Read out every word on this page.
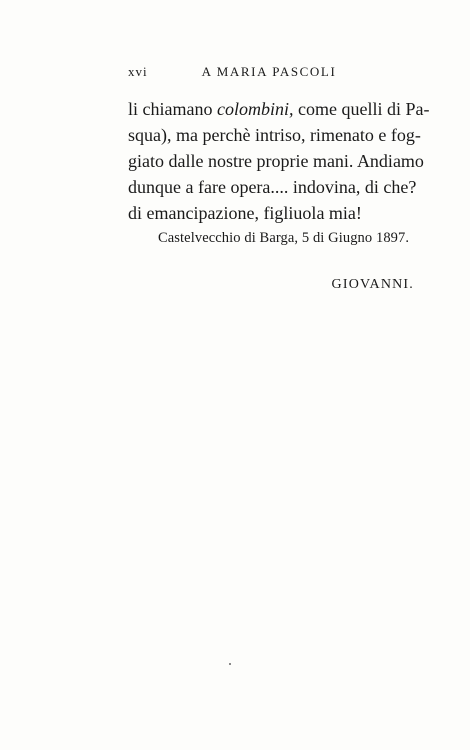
xvi	A MARIA PASCOLI
li chiamano colombini, come quelli di Pa-
squa), ma perchè intriso, rimenato e fog-
giato dalle nostre proprie mani. Andiamo
dunque a fare opera.... indovina, di che?
di emancipazione, figliuola mia!
Castelvecchio di Barga, 5 di Giugno 1897.
GIOVANNI.
